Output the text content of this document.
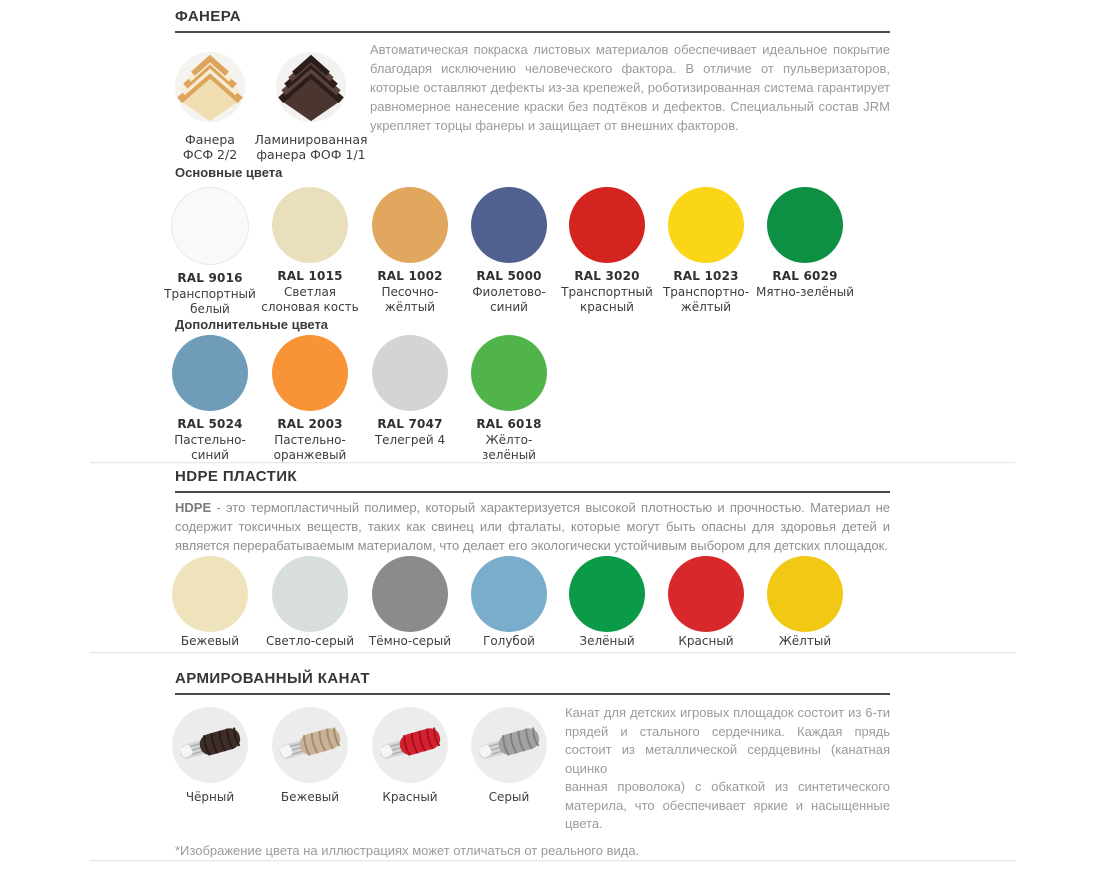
ФАНЕРА
Фанера
ФСФ 2/2
Ламинированная
фанера ФОФ 1/1

Автоматическая покраска листовых материалов обеспечивает идеальное покрытие благодаря исключению человеческого фактора. В отличие от пульверизаторов, которые оставляют дефекты из-за крепежей, роботизированная система гарантирует равномерное нанесение краски без подтёков и дефектов. Специальный состав JRM укрепляет торцы фанеры и защищает от внешних факторов.

Основные цвета
RAL 9016
Транспортный
белый
RAL 1015
Светлая
слоновая кость
RAL 1002
Песочно-
жёлтый
RAL 5000
Фиолетово-
синий
RAL 3020
Транспортный
красный
RAL 1023
Транспортно-
жёлтый
RAL 6029
Мятно-зелёный
Дополнительные цвета
RAL 5024
Пастельно-
синий
RAL 2003
Пастельно-
оранжевый
RAL 7047
Телегрей 4
RAL 6018
Жёлто-
зелёный
HDPE ПЛАСТИК

HDPE - это термопластичный полимер, который характеризуется высокой плотностью и прочностью. Материал не содержит токсичных веществ, таких как свинец или фталаты, которые могут быть опасны для здоровья детей и является перерабатываемым материалом, что делает его экологически устойчивым выбором для детских площадок.

Бежевый	Светло-серый	Тёмно-серый	Голубой	Зелёный	Красный	Жёлтый
АРМИРОВАННЫЙ КАНАТ
Чёрный	Бежевый	Красный	Серый

Канат для детских игровых площадок состоит из 6-ти прядей и стального сердечника. Каждая прядь состоит из металлической сердцевины (канатная оцинко
ванная проволока) с обкаткой из синтетического материла, что обеспечивает яркие и насыщенные цвета.

*Изображение цвета на иллюстрациях может отличаться от реального вида.
